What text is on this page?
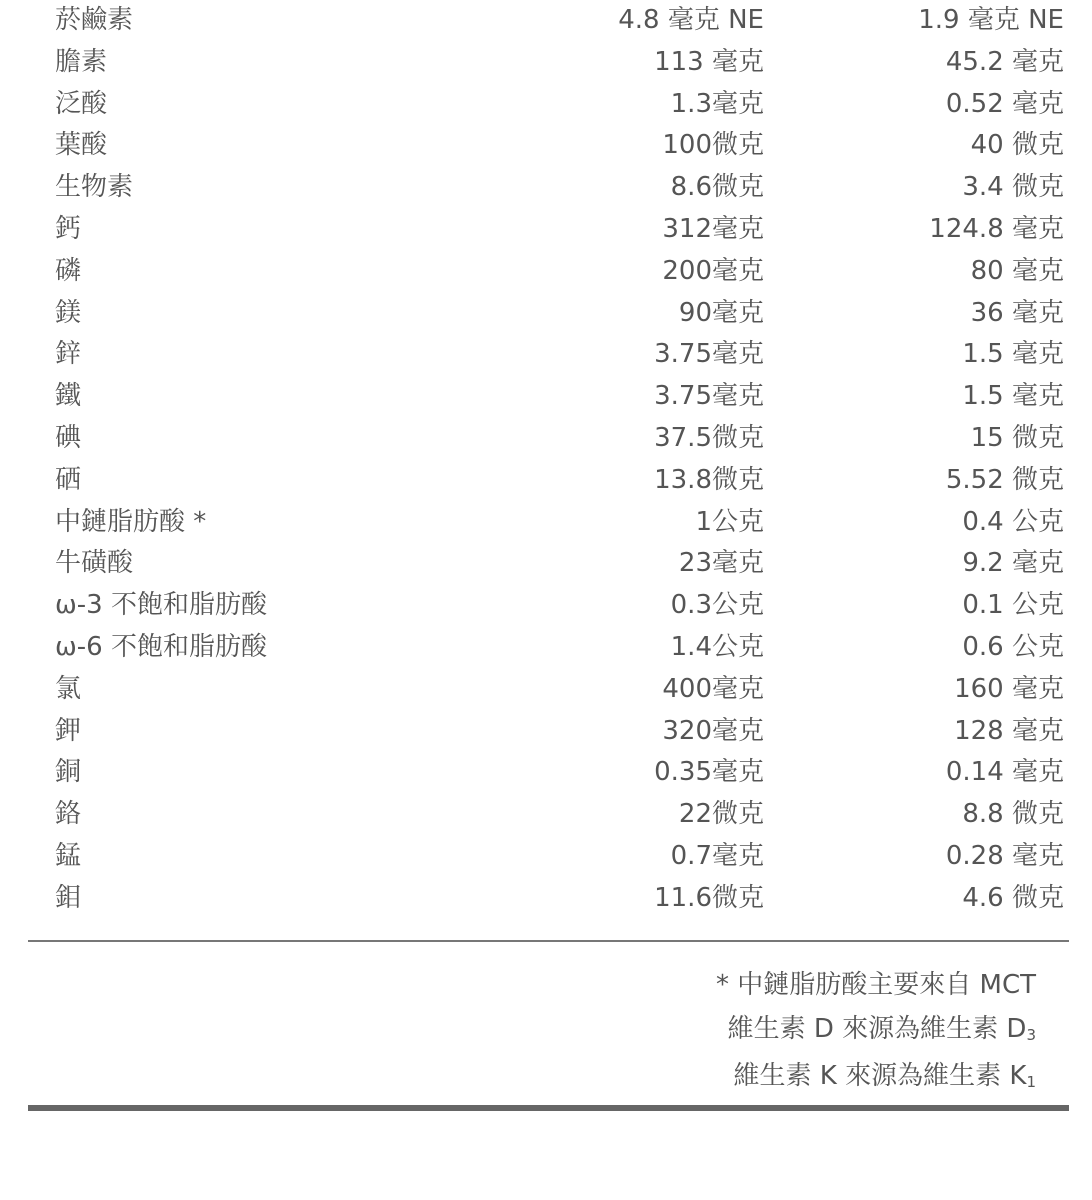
菸鹼素	4.8 毫克 NE	1.9 毫克 NE
膽素	113 毫克	45.2 毫克
泛酸	1.3毫克	0.52 毫克
葉酸	100微克	40 微克
生物素	8.6微克	3.4 微克
鈣	312毫克	124.8 毫克
磷	200毫克	80 毫克
鎂	90毫克	36 毫克
鋅	3.75毫克	1.5 毫克
鐵	3.75毫克	1.5 毫克
碘	37.5微克	15 微克
硒	13.8微克	5.52 微克
中鏈脂肪酸 *	1公克	0.4 公克
牛磺酸	23毫克	9.2 毫克
ω-3 不飽和脂肪酸	0.3公克	0.1 公克
ω-6 不飽和脂肪酸	1.4公克	0.6 公克
氯	400毫克	160 毫克
鉀	320毫克	128 毫克
銅	0.35毫克	0.14 毫克
鉻	22微克	8.8 微克
錳	0.7毫克	0.28 毫克
鉬	11.6微克	4.6 微克
* 中鏈脂肪酸主要來自 MCT
維生素 D 來源為維生素 D3
維生素 K 來源為維生素 K1
